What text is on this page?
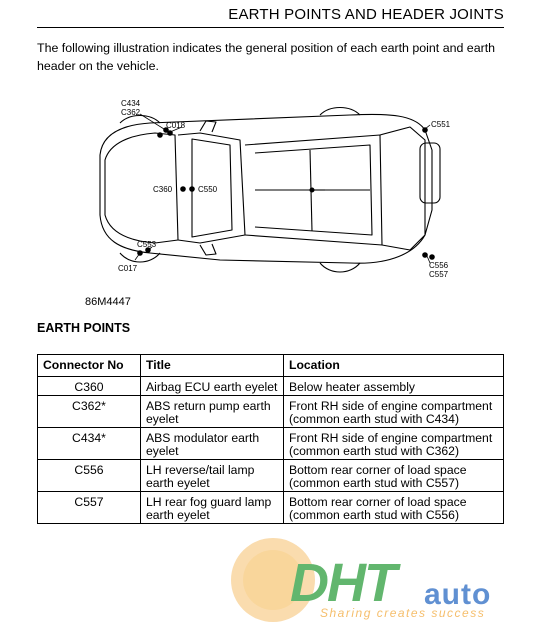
EARTH POINTS AND HEADER JOINTS
The following illustration indicates the general position of each earth point and earth header on the vehicle.
C434
C362
C018	C551
C360	C550
C553
C017	C556
C557
86M4447
EARTH POINTS
Connector No	Title	Location
C360	Airbag ECU earth eyelet	Below heater assembly
C362*	ABS return pump earth eyelet	Front RH side of engine compartment (common earth stud with C434)
C434*	ABS modulator earth eyelet	Front RH side of engine compartment (common earth stud with C362)
C556	LH reverse/tail lamp earth eyelet	Bottom rear corner of load space (common earth stud with C557)
C557	LH rear fog guard lamp earth eyelet	Bottom rear corner of load space (common earth stud with C556)
DHT auto
Sharing creates success
